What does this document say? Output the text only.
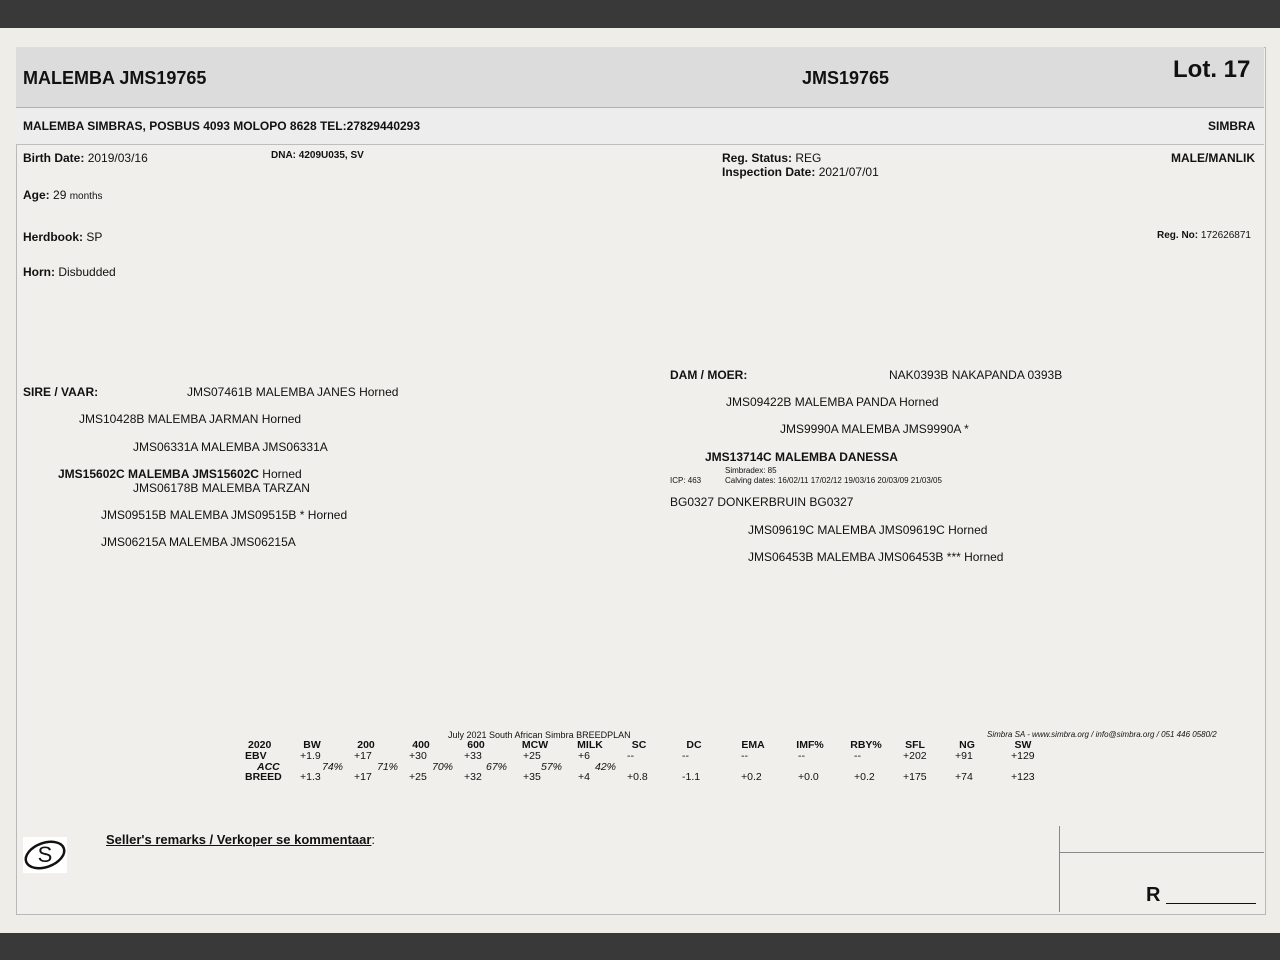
MALEMBA JMS19765	JMS19765	Lot. 17
MALEMBA SIMBRAS, POSBUS 4093 MOLOPO 8628 TEL:27829440293	SIMBRA
Birth Date: 2019/03/16	DNA: 4209U035, SV	Reg. Status: REG
Inspection Date: 2021/07/01
MALE/MANLIK
Age: 29 months
Herdbook: SP	Reg. No: 172626871
Horn: Disbudded
SIRE / VAAR:	JMS07461B MALEMBA JANES Horned
JMS10428B MALEMBA JARMAN Horned
JMS06331A MALEMBA JMS06331A
JMS15602C MALEMBA JMS15602C Horned
JMS06178B MALEMBA TARZAN
JMS09515B MALEMBA JMS09515B * Horned
JMS06215A MALEMBA JMS06215A
DAM / MOER:	NAK0393B NAKAPANDA 0393B
JMS09422B MALEMBA PANDA Horned
JMS9990A MALEMBA JMS9990A *
JMS13714C MALEMBA DANESSA
Simbradex: 85
ICP: 463	Calving dates: 16/02/11 17/02/12 19/03/16 20/03/09 21/03/05
BG0327 DONKERBRUIN BG0327
JMS09619C MALEMBA JMS09619C Horned
JMS06453B MALEMBA JMS06453B *** Horned
July 2021 South African Simbra BREEDPLAN	Simbra SA - www.simbra.org / info@simbra.org / 051 446 0580/2
2020	BW	200	400	600	MCW	MILK	SC	DC	EMA	IMF%	RBY% SFL	NG	SW
EBV	+1.9	+17	+30	+33	+25	+6	--	--	--	--	--	+202	+91	+129
ACC	74%	71%	70%	67%	57%	42%
BREED +1.3	+17	+25	+32	+35	+4	+0.8	-1.1	+0.2	+0.0	+0.2	+175	+74	+123
S
Seller's remarks / Verkoper se kommentaar:
R
